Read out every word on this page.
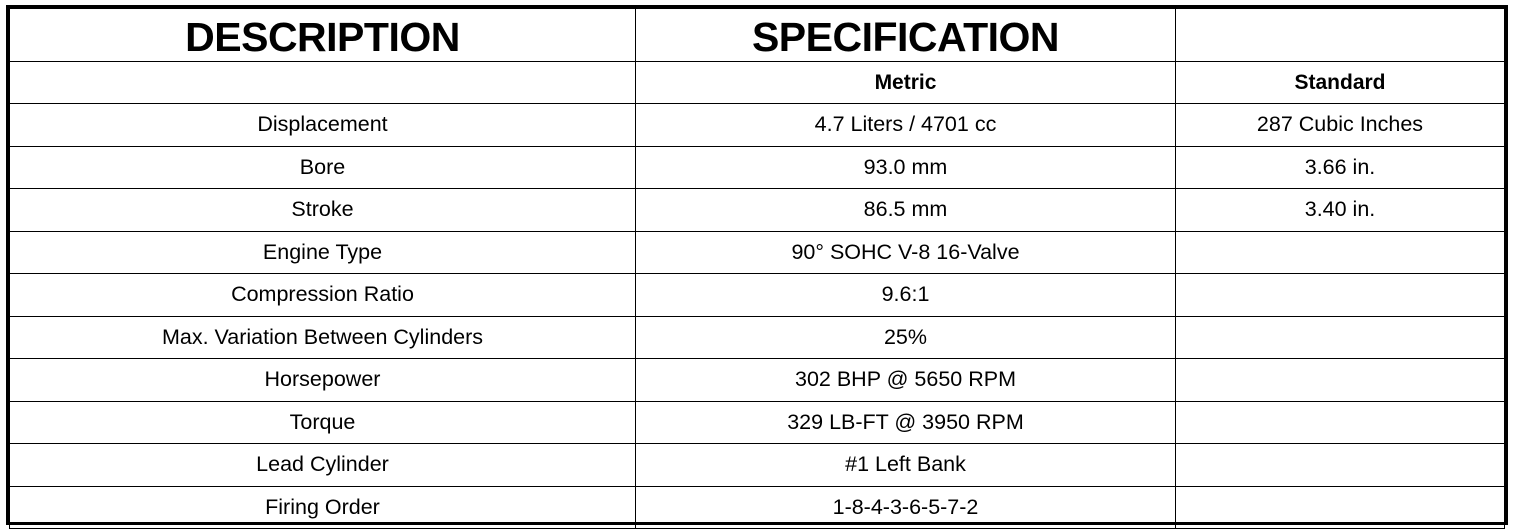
DESCRIPTION	SPECIFICATION	
	Metric	Standard
Displacement	4.7 Liters / 4701 cc	287 Cubic Inches
Bore	93.0 mm	3.66 in.
Stroke	86.5 mm	3.40 in.
Engine Type	90° SOHC V-8 16-Valve	
Compression Ratio	9.6:1	
Max. Variation Between Cylinders	25%	
Horsepower	302 BHP @ 5650 RPM	
Torque	329 LB-FT @ 3950 RPM	
Lead Cylinder	#1 Left Bank	
Firing Order	1-8-4-3-6-5-7-2	
